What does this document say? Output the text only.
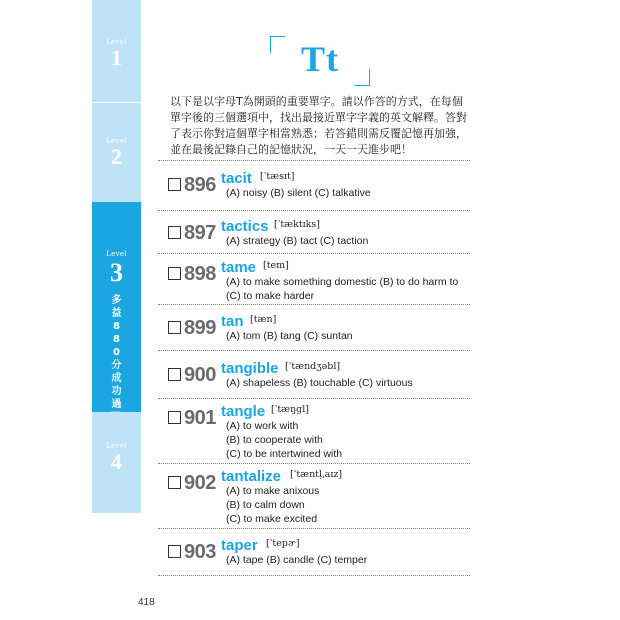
Level
1
Level
2
Level
3
多益880分成功過
Level
4
Tt
以下是以字母T為開頭的重要單字。請以作答的方式，在每個單字後的三個選項中，找出最接近單字字義的英文解釋。答對了表示你對這個單字相當熟悉；若答錯則需反覆記憶再加強，並在最後記錄自己的記憶狀況，一天一天進步吧！
896 tacit [ˈtæsɪt]
(A) noisy (B) silent (C) talkative
897 tactics [ˈtæktɪks]
(A) strategy (B) tact (C) taction
898 tame [tem]
(A) to make something domestic (B) to do harm to
(C) to make harder
899 tan [tæn]
(A) tom (B) tang (C) suntan
900 tangible [ˈtændʒəbl]
(A) shapeless (B) touchable (C) virtuous
901 tangle [ˈtæŋgl]
(A) to work with
(B) to cooperate with
(C) to be intertwined with
902 tantalize [ˈtæntḷˌaɪz]
(A) to make anixous
(B) to calm down
(C) to make excited
903 taper [ˈtepɚ]
(A) tape (B) candle (C) temper
418
